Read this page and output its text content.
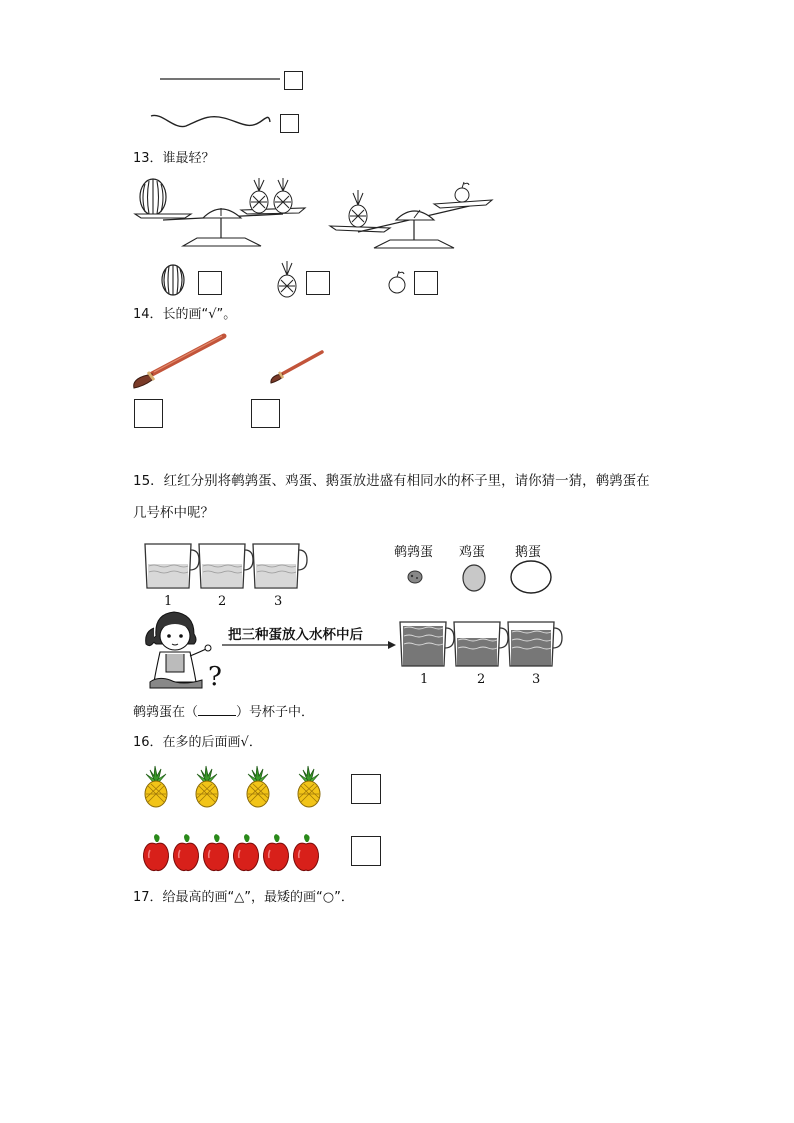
13．谁最轻？
14．长的画“√”。
15．红红分别将鹌鹑蛋、鸡蛋、鹅蛋放进盛有相同水的杯子里，请你猜一猜，鹌鹑蛋在
几号杯中呢？
1	2	3
鹌鹑蛋 鸡蛋 鹅蛋
?
把三种蛋放入水杯中后
1	2	3
鹌鹑蛋在（	）号杯子中．
16．在多的后面画√．
17．给最高的画“△”，最矮的画“○”．
